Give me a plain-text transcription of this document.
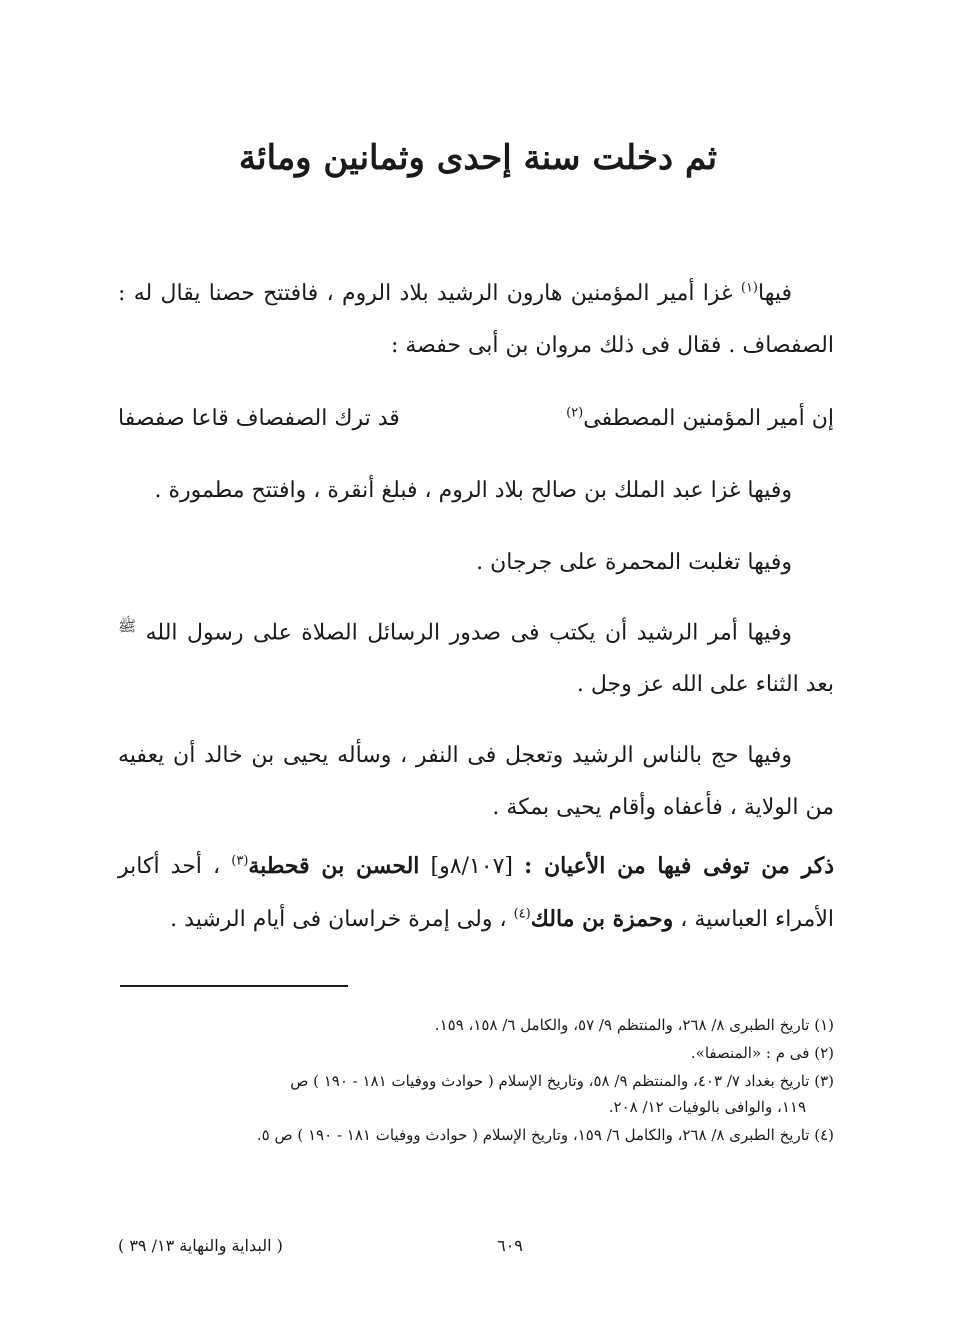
ثم دخلت سنة إحدى وثمانين ومائة

فيها$^{(١)}$ غزا أمير المؤمنين هارون الرشيد بلاد الروم ، فافتتح حصنا يقال له : الصفصاف . فقال فى ذلك مروان بن أبى حفصة :

إن أمير المؤمنين المصطفى$^{(٢)}$
قد ترك الصفصاف قاعا صفصفا

وفيها غزا عبد الملك بن صالح بلاد الروم ، فبلغ أنقرة ، وافتتح مطمورة .

وفيها تغلبت المحمرة على جرجان .

وفيها أمر الرشيد أن يكتب فى صدور الرسائل الصلاة على رسول الله ﷺ بعد الثناء على الله عز وجل .

وفيها حج بالناس الرشيد وتعجل فى النفر ، وسأله يحيى بن خالد أن يعفيه من الولاية ، فأعفاه وأقام يحيى بمكة .

ذكر من توفى فيها من الأعيان : [٨/١٠٧و] الحسن بن قحطبة$^{(٣)}$ ، أحد أكابر الأمراء العباسية ، وحمزة بن مالك$^{(٤)}$ ، ولى إمرة خراسان فى أيام الرشيد .

(١) تاريخ الطبرى ٨/ ٢٦٨، والمنتظم ٩/ ٥٧، والكامل ٦/ ١٥٨، ١٥٩.
(٢) فى م : «المنصفا».
(٣) تاريخ بغداد ٧/ ٤٠٣، والمنتظم ٩/ ٥٨، وتاريخ الإسلام ( حوادث ووفيات ١٨١ - ١٩٠ ) ص
١١٩، والوافى بالوفيات ١٢/ ٢٠٨.
(٤) تاريخ الطبرى ٨/ ٢٦٨، والكامل ٦/ ١٥٩، وتاريخ الإسلام ( حوادث ووفيات ١٨١ - ١٩٠ ) ص ٥.
٦٠٩
( البداية والنهاية ١٣/ ٣٩ )
